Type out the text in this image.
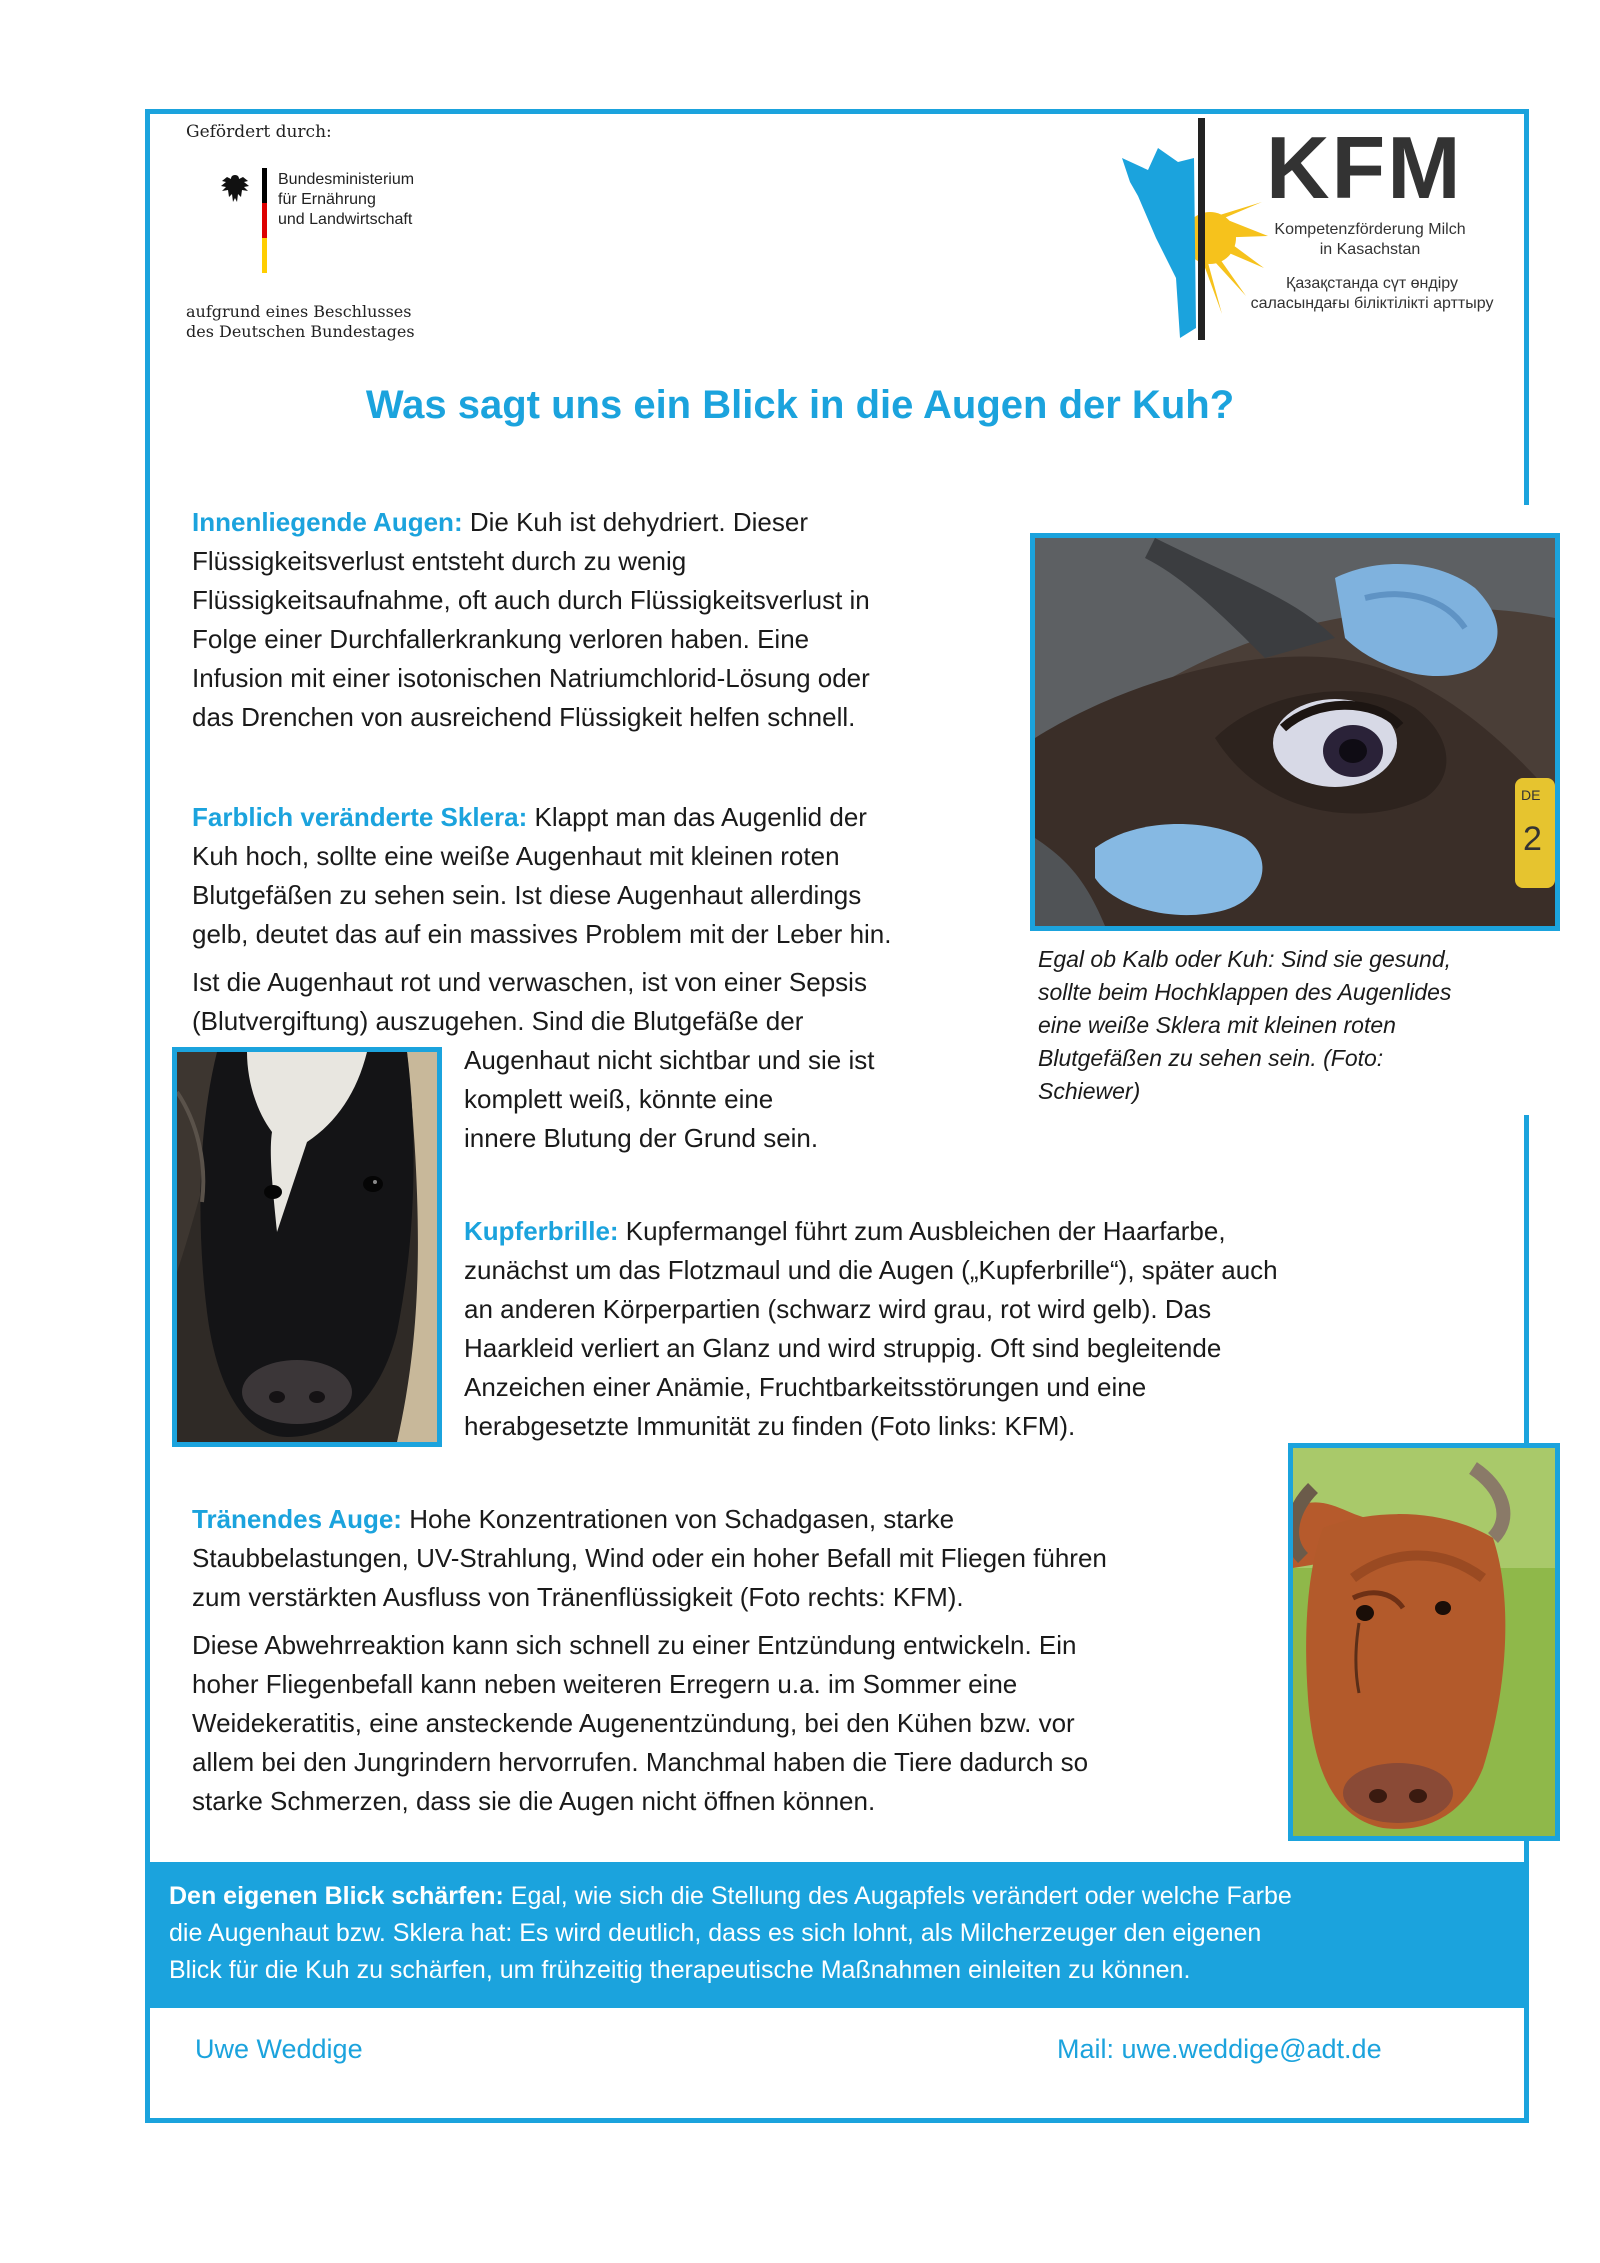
Gefördert durch:
Bundesministerium
für Ernährung
und Landwirtschaft
aufgrund eines Beschlusses
des Deutschen Bundestages
KFM
Kompetenzförderung Milch
in Kasachstan
Қазақстанда сүт өндіру
саласындағы біліктілікті арттыру
Was sagt uns ein Blick in die Augen der Kuh?
Innenliegende Augen: Die Kuh ist dehydriert. Dieser
Flüssigkeitsverlust entsteht durch zu wenig
Flüssigkeitsaufnahme, oft auch durch Flüssigkeitsverlust in
Folge einer Durchfallerkrankung verloren haben. Eine
Infusion mit einer isotonischen Natriumchlorid-Lösung oder
das Drenchen von ausreichend Flüssigkeit helfen schnell.
Farblich veränderte Sklera: Klappt man das Augenlid der
Kuh hoch, sollte eine weiße Augenhaut mit kleinen roten
Blutgefäßen zu sehen sein. Ist diese Augenhaut allerdings
gelb, deutet das auf ein massives Problem mit der Leber hin.
Ist die Augenhaut rot und verwaschen, ist von einer Sepsis
(Blutvergiftung) auszugehen. Sind die Blutgefäße der
Augenhaut nicht sichtbar und sie ist
komplett weiß, könnte eine
innere Blutung der Grund sein.
DE
2
Egal ob Kalb oder Kuh: Sind sie gesund,
sollte beim Hochklappen des Augenlides
eine weiße Sklera mit kleinen roten
Blutgefäßen zu sehen sein. (Foto:
Schiewer)
Kupferbrille: Kupfermangel führt zum Ausbleichen der Haarfarbe,
zunächst um das Flotzmaul und die Augen („Kupferbrille“), später auch
an anderen Körperpartien (schwarz wird grau, rot wird gelb). Das
Haarkleid verliert an Glanz und wird struppig. Oft sind begleitende
Anzeichen einer Anämie, Fruchtbarkeitsstörungen und eine
herabgesetzte Immunität zu finden (Foto links: KFM).
Tränendes Auge: Hohe Konzentrationen von Schadgasen, starke
Staubbelastungen, UV-Strahlung, Wind oder ein hoher Befall mit Fliegen führen
zum verstärkten Ausfluss von Tränenflüssigkeit (Foto rechts: KFM).
Diese Abwehrreaktion kann sich schnell zu einer Entzündung entwickeln. Ein
hoher Fliegenbefall kann neben weiteren Erregern u.a. im Sommer eine
Weidekeratitis, eine ansteckende Augenentzündung, bei den Kühen bzw. vor
allem bei den Jungrindern hervorrufen. Manchmal haben die Tiere dadurch so
starke Schmerzen, dass sie die Augen nicht öffnen können.
Den eigenen Blick schärfen: Egal, wie sich die Stellung des Augapfels verändert oder welche Farbe
die Augenhaut bzw. Sklera hat: Es wird deutlich, dass es sich lohnt, als Milcherzeuger den eigenen
Blick für die Kuh zu schärfen, um frühzeitig therapeutische Maßnahmen einleiten zu können.
Uwe Weddige	Mail: uwe.weddige@adt.de
